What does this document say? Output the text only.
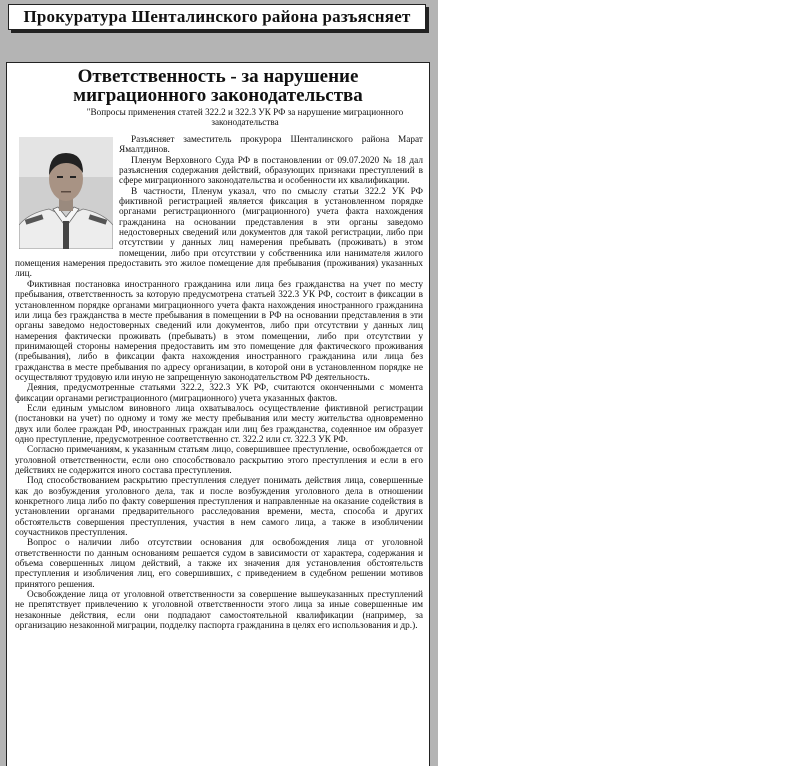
Прокуратура Шенталинского района разъясняет
Ответственность - за нарушение миграционного законодательства

"Вопросы применения статей 322.2 и 322.3 УК РФ за нарушение миграционного законодательства

Разъясняет заместитель прокурора Шенталинского района Марат Ямалтдинов.

Пленум Верховного Суда РФ в постановлении от 09.07.2020 № 18 дал разъяснения содержания действий, образующих признаки преступлений в сфере миграционного законодательства и особенности их квалификации.

В частности, Пленум указал, что по смыслу статьи 322.2 УК РФ фиктивной регистрацией является фиксация в установленном порядке органами регистрационного (миграционного) учета факта нахождения гражданина на основании представления в эти органы заведомо недостоверных сведений или документов для такой регистрации, либо при отсутствии у данных лиц намерения пребывать (проживать) в этом помещении, либо при отсутствии у собственника или нанимателя жилого помещения намерения предоставить это жилое помещение для пребывания (проживания) указанных лиц.

Фиктивная постановка иностранного гражданина или лица без гражданства на учет по месту пребывания, ответственность за которую предусмотрена статьей 322.3 УК РФ, состоит в фиксации в установленном порядке органами миграционного учета факта нахождения иностранного гражданина или лица без гражданства в месте пребывания в помещении в РФ на основании представления в эти органы заведомо недостоверных сведений или документов, либо при отсутствии у данных лиц намерения фактически проживать (пребывать) в этом помещении, либо при отсутствии у принимающей стороны намерения предоставить им это помещение для фактического проживания (пребывания), либо в фиксации факта нахождения иностранного гражданина или лица без гражданства в месте пребывания по адресу организации, в которой они в установленном порядке не осуществляют трудовую или иную не запрещенную законодательством РФ деятельность.

Деяния, предусмотренные статьями 322.2, 322.3 УК РФ, считаются оконченными с момента фиксации органами регистрационного (миграционного) учета указанных фактов.

Если единым умыслом виновного лица охватывалось осуществление фиктивной регистрации (постановки на учет) по одному и тому же месту пребывания или месту жительства одновременно двух или более граждан РФ, иностранных граждан или лиц без гражданства, содеянное им образует одно преступление, предусмотренное соответственно ст. 322.2 или ст. 322.3 УК РФ.

Согласно примечаниям, к указанным статьям лицо, совершившее преступление, освобождается от уголовной ответственности, если оно способствовало раскрытию этого преступления и если в его действиях не содержится иного состава преступления.

Под способствованием раскрытию преступления следует понимать действия лица, совершенные как до возбуждения уголовного дела, так и после возбуждения уголовного дела в отношении конкретного лица либо по факту совершения преступления и направленные на оказание содействия в установлении органами предварительного расследования времени, места, способа и других обстоятельств совершения преступления, участия в нем самого лица, а также в изобличении соучастников преступления.

Вопрос о наличии либо отсутствии основания для освобождения лица от уголовной ответственности по данным основаниям решается судом в зависимости от характера, содержания и объема совершенных лицом действий, а также их значения для установления обстоятельств преступления и изобличения лиц, его совершивших, с приведением в судебном решении мотивов принятого решения.

Освобождение лица от уголовной ответственности за совершение вышеуказанных преступлений не препятствует привлечению к уголовной ответственности этого лица за иные совершенные им незаконные действия, если они подпадают самостоятельной квалификации (например, за организацию незаконной миграции, подделку паспорта гражданина в целях его использования и др.).
